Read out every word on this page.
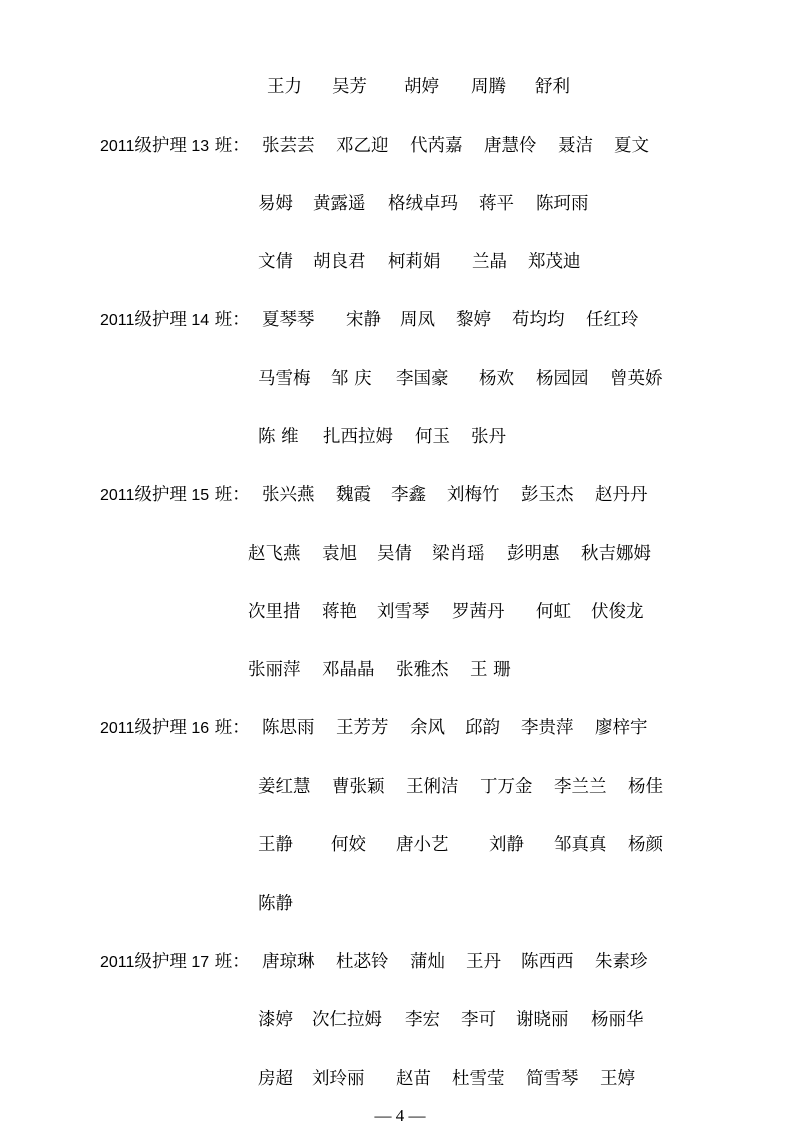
王力 吴芳 胡婷 周腾 舒利
2011级护理 13 班： 张芸芸 邓乙迎 代芮嘉 唐慧伶 聂洁 夏文
易姆 黄露遥 格绒卓玛 蒋平 陈珂雨
文倩 胡良君 柯莉娟 兰晶 郑茂迪
2011级护理 14 班： 夏琴琴 宋静 周凤 黎婷 苟均均 任红玲
马雪梅 邹 庆 李国豪 杨欢 杨园园 曾英娇
陈 维 扎西拉姆 何玉 张丹
2011级护理 15 班： 张兴燕 魏霞 李鑫 刘梅竹 彭玉杰 赵丹丹
赵飞燕 袁旭 吴倩 梁肖瑶 彭明惠 秋吉娜姆
次里措 蒋艳 刘雪琴 罗茜丹 何虹 伏俊龙
张丽萍 邓晶晶 张雅杰 王 珊
2011级护理 16 班： 陈思雨 王芳芳 余风 邱韵 李贵萍 廖梓宇
姜红慧 曹张颖 王俐洁 丁万金 李兰兰 杨佳
王静 何姣 唐小艺 刘静 邹真真 杨颜
陈静
2011级护理 17 班： 唐琼琳 杜苾铃 蒲灿 王丹 陈西西 朱素珍
漆婷 次仁拉姆 李宏 李可 谢晓丽 杨丽华
房超 刘玲丽 赵苗 杜雪莹 简雪琴 王婷
— 4 —
